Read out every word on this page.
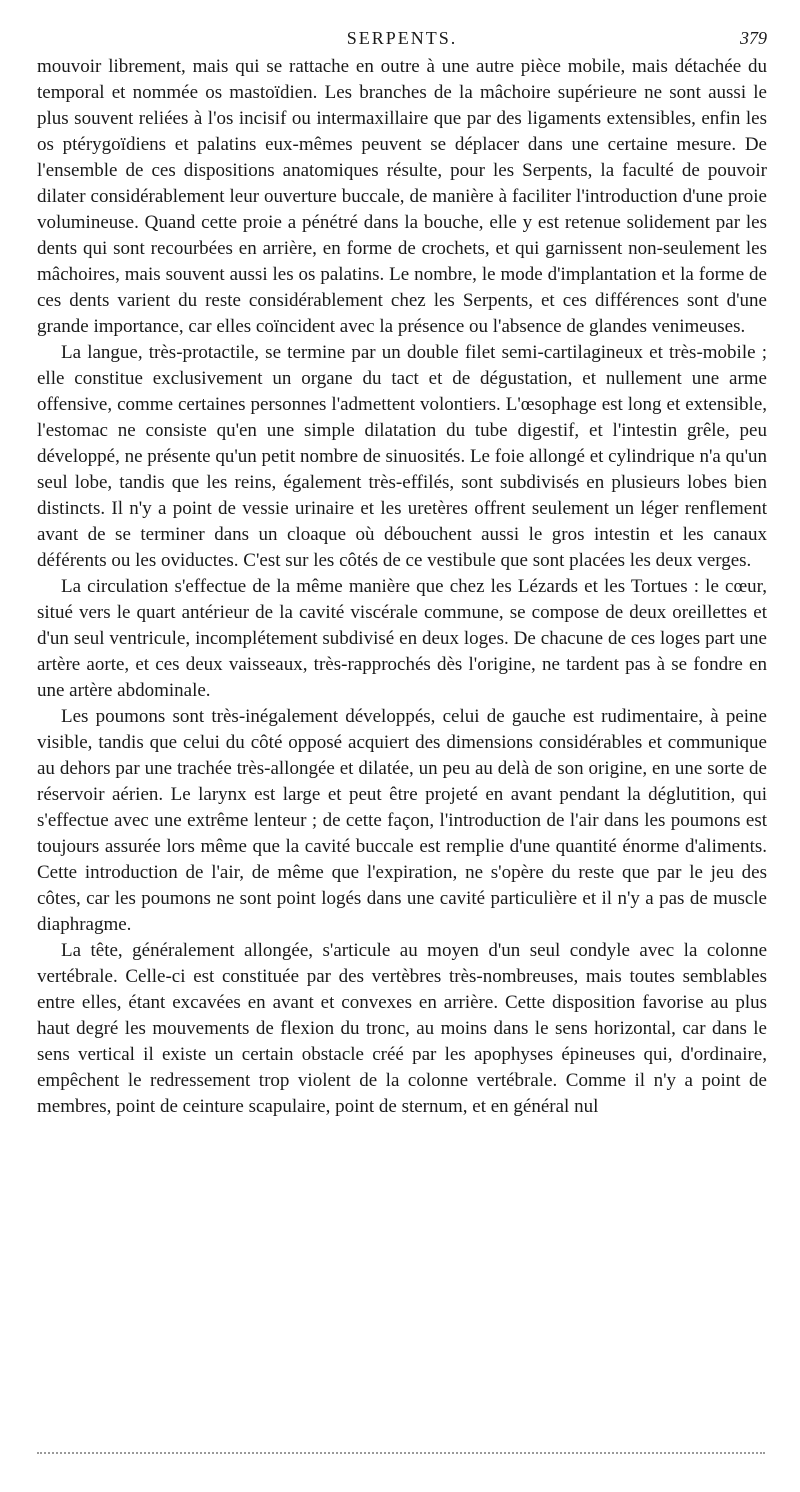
SERPENTS.	379

mouvoir librement, mais qui se rattache en outre à une autre pièce mobile, mais détachée du temporal et nommée os mastoïdien. Les branches de la mâchoire supérieure ne sont aussi le plus souvent reliées à l'os incisif ou intermaxillaire que par des ligaments extensibles, enfin les os ptérygoïdiens et palatins eux-mêmes peuvent se déplacer dans une certaine mesure. De l'ensemble de ces dispositions anatomiques résulte, pour les Serpents, la faculté de pouvoir dilater considérablement leur ouverture buccale, de manière à faciliter l'introduction d'une proie volumineuse. Quand cette proie a pénétré dans la bouche, elle y est retenue solidement par les dents qui sont recourbées en arrière, en forme de crochets, et qui garnissent non-seulement les mâchoires, mais souvent aussi les os palatins. Le nombre, le mode d'implantation et la forme de ces dents varient du reste considérablement chez les Serpents, et ces différences sont d'une grande importance, car elles coïncident avec la présence ou l'absence de glandes venimeuses.

La langue, très-protactile, se termine par un double filet semi-cartilagineux et très-mobile ; elle constitue exclusivement un organe du tact et de dégustation, et nullement une arme offensive, comme certaines personnes l'admettent volontiers. L'œsophage est long et extensible, l'estomac ne consiste qu'en une simple dilatation du tube digestif, et l'intestin grêle, peu développé, ne présente qu'un petit nombre de sinuosités. Le foie allongé et cylindrique n'a qu'un seul lobe, tandis que les reins, également très-effilés, sont subdivisés en plusieurs lobes bien distincts. Il n'y a point de vessie urinaire et les uretères offrent seulement un léger renflement avant de se terminer dans un cloaque où débouchent aussi le gros intestin et les canaux déférents ou les oviductes. C'est sur les côtés de ce vestibule que sont placées les deux verges.

La circulation s'effectue de la même manière que chez les Lézards et les Tortues : le cœur, situé vers le quart antérieur de la cavité viscérale commune, se compose de deux oreillettes et d'un seul ventricule, incomplétement subdivisé en deux loges. De chacune de ces loges part une artère aorte, et ces deux vaisseaux, très-rapprochés dès l'origine, ne tardent pas à se fondre en une artère abdominale.

Les poumons sont très-inégalement développés, celui de gauche est rudimentaire, à peine visible, tandis que celui du côté opposé acquiert des dimensions considérables et communique au dehors par une trachée très-allongée et dilatée, un peu au delà de son origine, en une sorte de réservoir aérien. Le larynx est large et peut être projeté en avant pendant la déglutition, qui s'effectue avec une extrême lenteur ; de cette façon, l'introduction de l'air dans les poumons est toujours assurée lors même que la cavité buccale est remplie d'une quantité énorme d'aliments. Cette introduction de l'air, de même que l'expiration, ne s'opère du reste que par le jeu des côtes, car les poumons ne sont point logés dans une cavité particulière et il n'y a pas de muscle diaphragme.

La tête, généralement allongée, s'articule au moyen d'un seul condyle avec la colonne vertébrale. Celle-ci est constituée par des vertèbres très-nombreuses, mais toutes semblables entre elles, étant excavées en avant et convexes en arrière. Cette disposition favorise au plus haut degré les mouvements de flexion du tronc, au moins dans le sens horizontal, car dans le sens vertical il existe un certain obstacle créé par les apophyses épineuses qui, d'ordinaire, empêchent le redressement trop violent de la colonne vertébrale. Comme il n'y a point de membres, point de ceinture scapulaire, point de sternum, et en général nul
